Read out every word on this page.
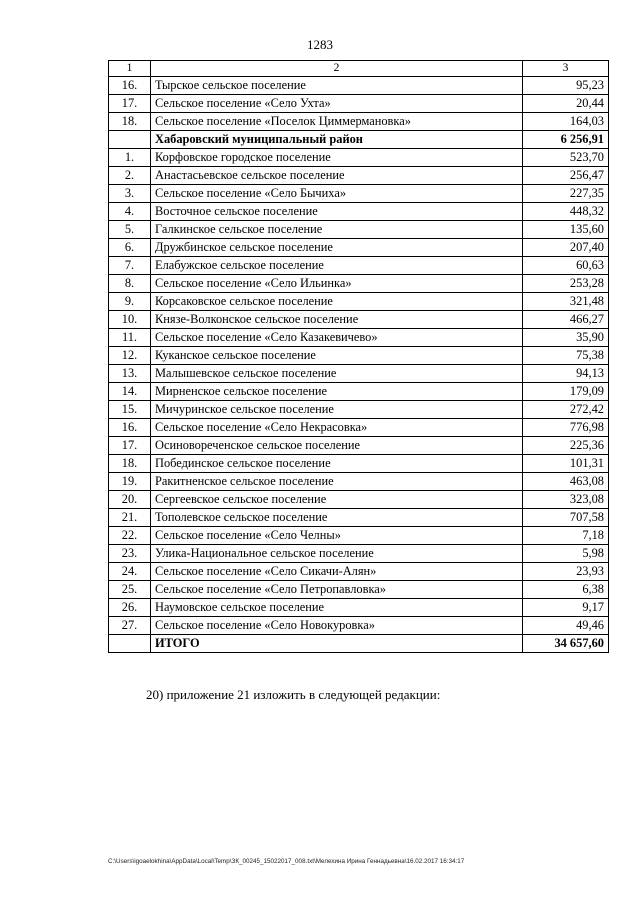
1283
1	2	3
16.	Тырское сельское поселение	95,23
17.	Сельское поселение «Село Ухта»	20,44
18.	Сельское поселение «Поселок Циммермановка»	164,03
	Хабаровский муниципальный район	6 256,91
1.	Корфовское городское поселение	523,70
2.	Анастасьевское сельское поселение	256,47
3.	Сельское поселение «Село Бычиха»	227,35
4.	Восточное сельское поселение	448,32
5.	Галкинское сельское поселение	135,60
6.	Дружбинское сельское поселение	207,40
7.	Елабужское сельское поселение	60,63
8.	Сельское поселение «Село Ильинка»	253,28
9.	Корсаковское сельское поселение	321,48
10.	Князе-Волконское сельское поселение	466,27
11.	Сельское поселение «Село Казакевичево»	35,90
12.	Куканское сельское поселение	75,38
13.	Малышевское сельское поселение	94,13
14.	Мирненское сельское поселение	179,09
15.	Мичуринское сельское поселение	272,42
16.	Сельское поселение «Село Некрасовка»	776,98
17.	Осиновореченское сельское поселение	225,36
18.	Побединское сельское поселение	101,31
19.	Ракитненское сельское поселение	463,08
20.	Сергеевское сельское поселение	323,08
21.	Тополевское сельское поселение	707,58
22.	Сельское поселение «Село Челны»	7,18
23.	Улика-Национальное сельское поселение	5,98
24.	Сельское поселение «Село Сикачи-Алян»	23,93
25.	Сельское поселение «Село Петропавловка»	6,38
26.	Наумовское сельское поселение	9,17
27.	Сельское поселение «Село Новокуровка»	49,46
	ИТОГО	34 657,60
20) приложение 21 изложить в следующей редакции:
C:\Users\igoaelokhina\AppData\Local\Temp\ЗК_00245_15022017_008.txt\Мелехина Ирина Геннадьевна\16.02.2017 16:34:17
